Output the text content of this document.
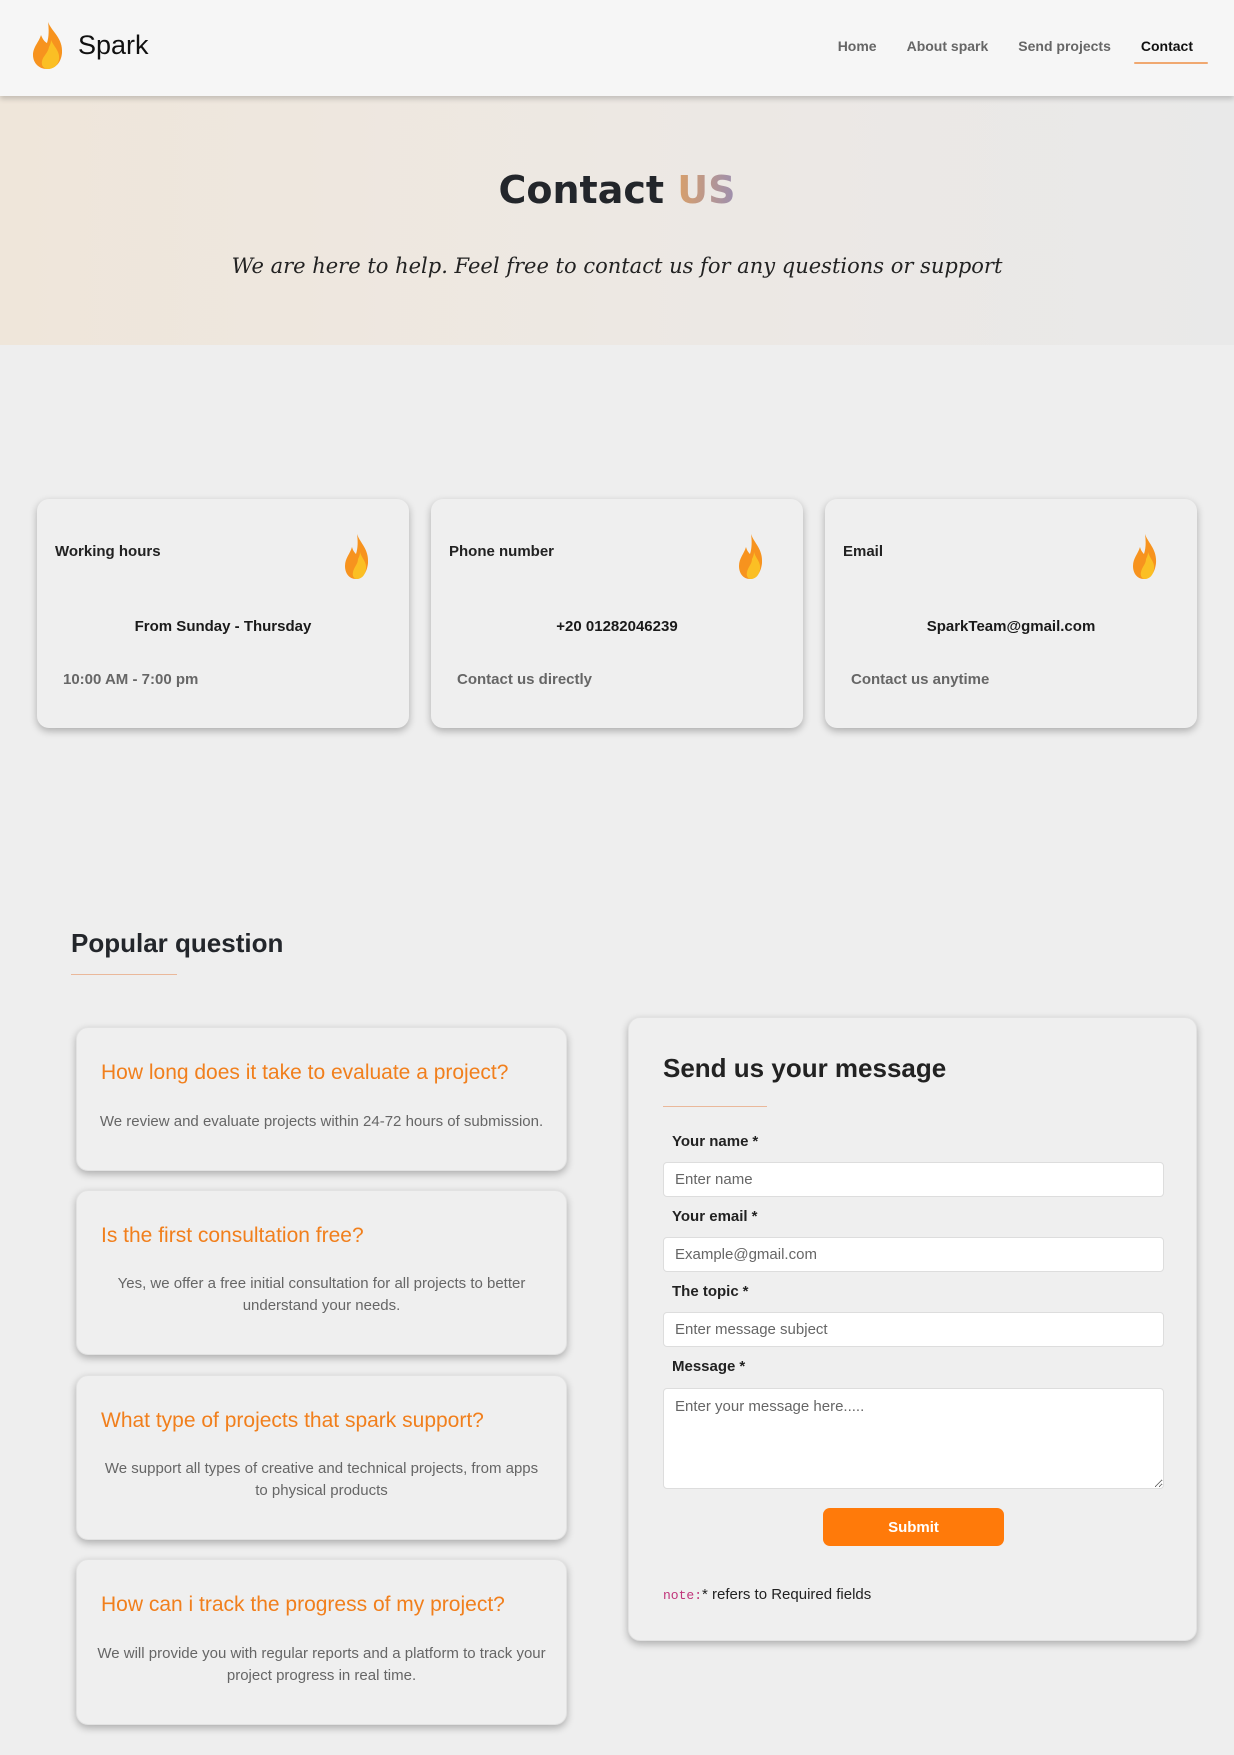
Spark	Home	About spark	Send projects	Contact
Contact US

We are here to help. Feel free to contact us for any questions or support

Working hours
From Sunday - Thursday
10:00 AM - 7:00 pm
Phone number
+20 01282046239
Contact us directly
Email
SparkTeam@gmail.com
Contact us anytime
Popular question
How long does it take to evaluate a project?

We review and evaluate projects within 24-72 hours of submission.

Is the first consultation free?

Yes, we offer a free initial consultation for all projects to better understand your needs.

What type of projects that spark support?

We support all types of creative and technical projects, from apps to physical products

How can i track the progress of my project?

We will provide you with regular reports and a platform to track your project progress in real time.

Send us your message
Your name *
Enter name
Your email *
Example@gmail.com
The topic *
Enter message subject
Message *
Enter your message here.....
Submit

note:* refers to Required fields
